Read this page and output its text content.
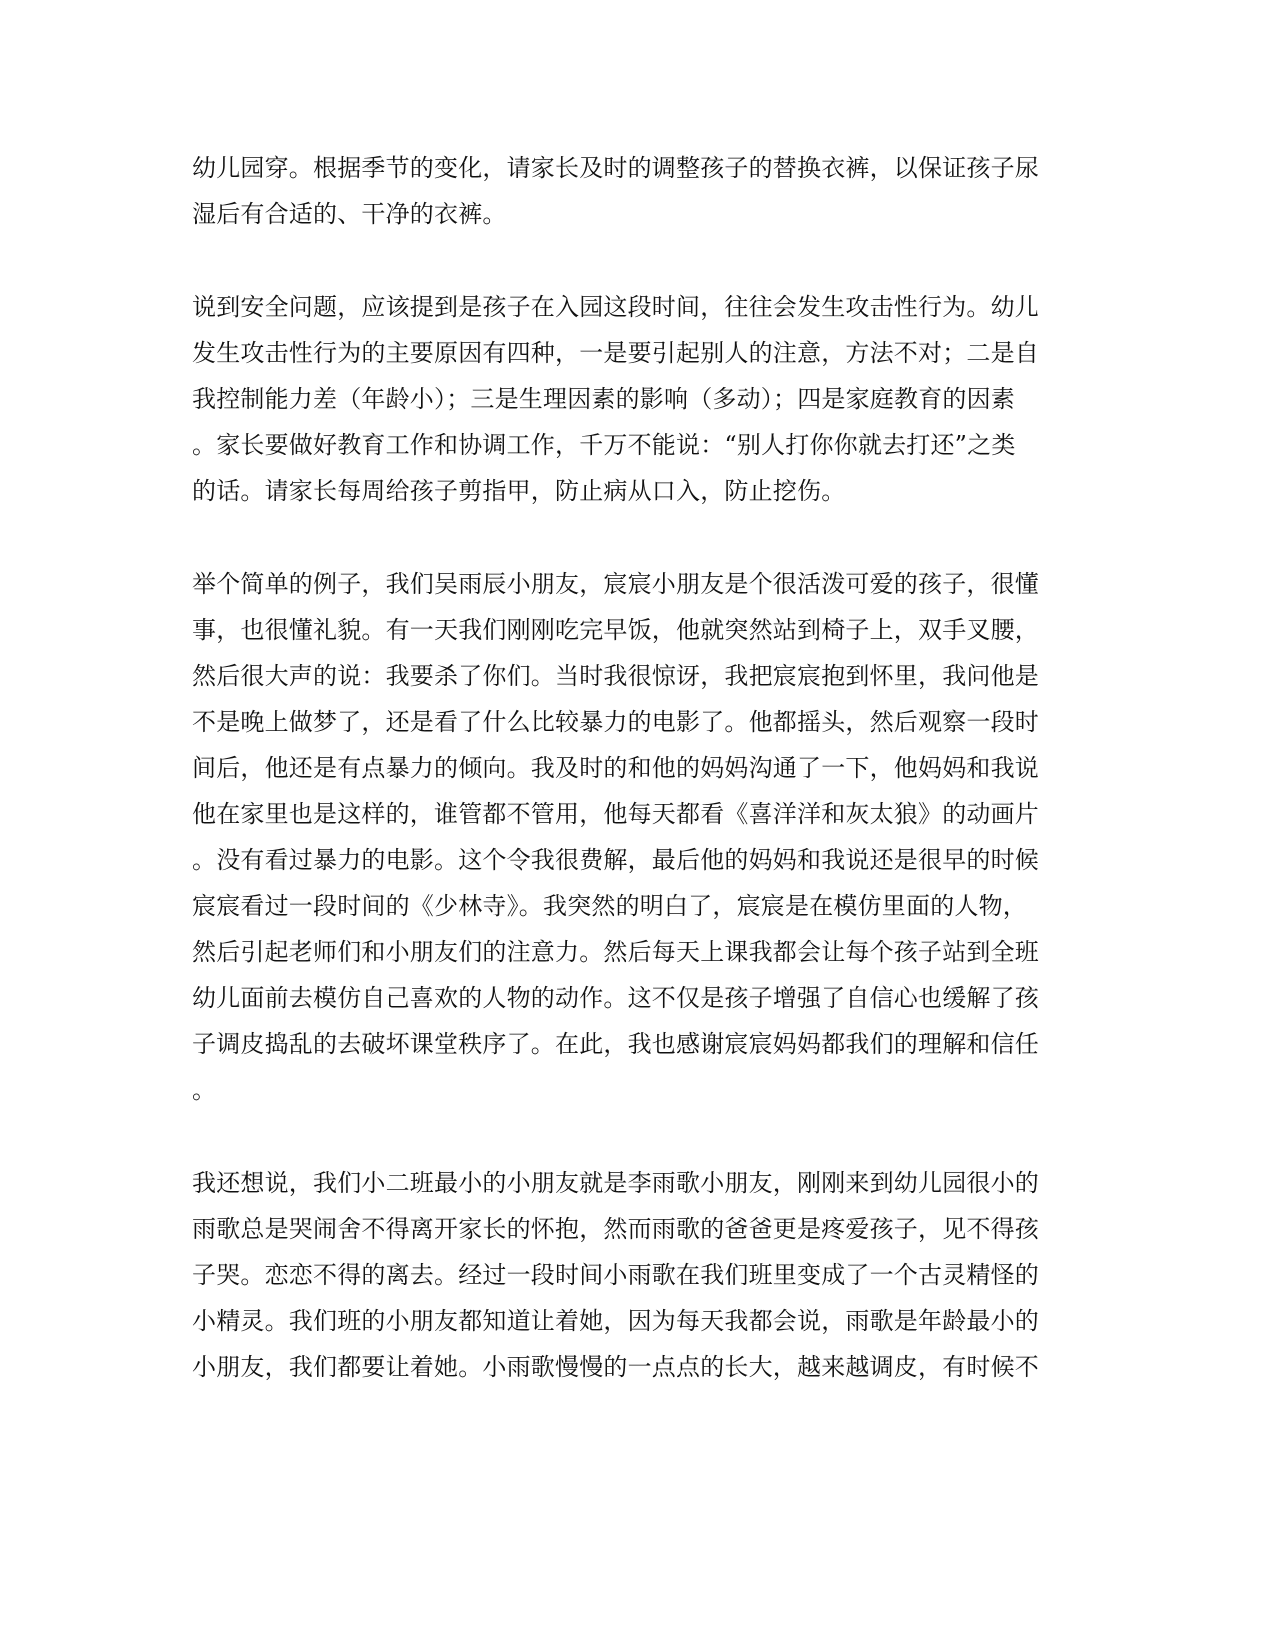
幼儿园穿。根据季节的变化，请家长及时的调整孩子的替换衣裤，以保证孩子尿
湿后有合适的、干净的衣裤。
说到安全问题，应该提到是孩子在入园这段时间，往往会发生攻击性行为。幼儿
发生攻击性行为的主要原因有四种，一是要引起别人的注意，方法不对；二是自
我控制能力差（年龄小）；三是生理因素的影响（多动）；四是家庭教育的因素
。家长要做好教育工作和协调工作，千万不能说：“别人打你你就去打还”之类
的话。请家长每周给孩子剪指甲，防止病从口入，防止挖伤。
举个简单的例子，我们吴雨辰小朋友，宸宸小朋友是个很活泼可爱的孩子，很懂
事，也很懂礼貌。有一天我们刚刚吃完早饭，他就突然站到椅子上，双手叉腰，
然后很大声的说：我要杀了你们。当时我很惊讶，我把宸宸抱到怀里，我问他是
不是晚上做梦了，还是看了什么比较暴力的电影了。他都摇头，然后观察一段时
间后，他还是有点暴力的倾向。我及时的和他的妈妈沟通了一下，他妈妈和我说
他在家里也是这样的，谁管都不管用，他每天都看《喜洋洋和灰太狼》的动画片
。没有看过暴力的电影。这个令我很费解，最后他的妈妈和我说还是很早的时候
宸宸看过一段时间的《少林寺》。我突然的明白了，宸宸是在模仿里面的人物，
然后引起老师们和小朋友们的注意力。然后每天上课我都会让每个孩子站到全班
幼儿面前去模仿自己喜欢的人物的动作。这不仅是孩子增强了自信心也缓解了孩
子调皮捣乱的去破坏课堂秩序了。在此，我也感谢宸宸妈妈都我们的理解和信任
。
我还想说，我们小二班最小的小朋友就是李雨歌小朋友，刚刚来到幼儿园很小的
雨歌总是哭闹舍不得离开家长的怀抱，然而雨歌的爸爸更是疼爱孩子，见不得孩
子哭。恋恋不得的离去。经过一段时间小雨歌在我们班里变成了一个古灵精怪的
小精灵。我们班的小朋友都知道让着她，因为每天我都会说，雨歌是年龄最小的
小朋友，我们都要让着她。小雨歌慢慢的一点点的长大，越来越调皮，有时候不
